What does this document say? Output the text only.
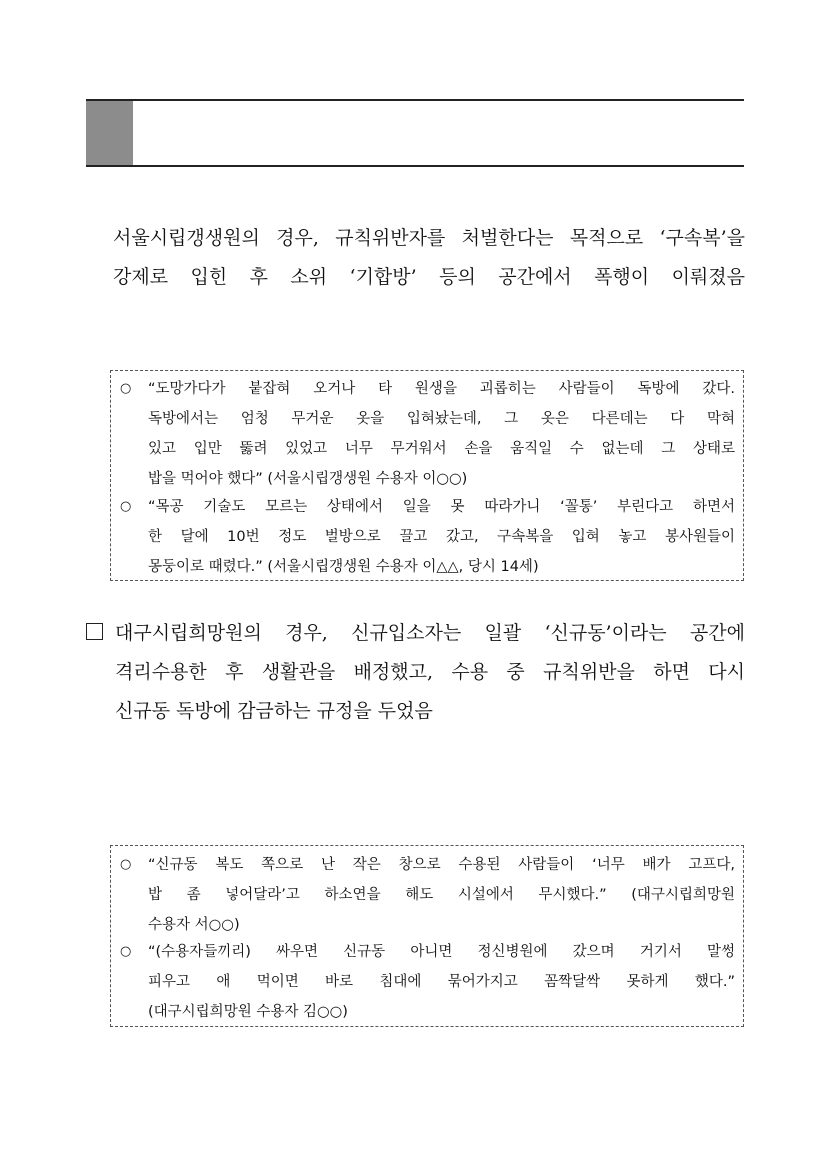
서울시립갱생원의 경우, 규칙위반자를 처벌한다는 목적으로 ‘구속복’을

강제로 입힌 후 소위 ‘기합방’ 등의 공간에서 폭행이 이뤄졌음

○ “도망가다가 붙잡혀 오거나 타 원생을 괴롭히는 사람들이 독방에 갔다.
독방에서는 엄청 무거운 옷을 입혀놨는데, 그 옷은 다른데는 다 막혀
있고 입만 뚫려 있었고 너무 무거워서 손을 움직일 수 없는데 그 상태로
밥을 먹어야 했다” (서울시립갱생원 수용자 이○○)
○ “목공 기술도 모르는 상태에서 일을 못 따라가니 ‘꼴통’ 부린다고 하면서
한 달에 10번 정도 벌방으로 끌고 갔고, 구속복을 입혀 놓고 봉사원들이
몽둥이로 때렸다.” (서울시립갱생원 수용자 이△△, 당시 14세)

대구시립희망원의 경우, 신규입소자는 일괄 ‘신규동’이라는 공간에

격리수용한 후 생활관을 배정했고, 수용 중 규칙위반을 하면 다시

신규동 독방에 감금하는 규정을 두었음

○ “신규동 복도 쪽으로 난 작은 창으로 수용된 사람들이 ‘너무 배가 고프다,
밥 좀 넣어달라’고 하소연을 해도 시설에서 무시했다.” (대구시립희망원
수용자 서○○)
○ “(수용자들끼리) 싸우면 신규동 아니면 정신병원에 갔으며 거기서 말썽
피우고 애 먹이면 바로 침대에 묶어가지고 꼼짝달싹 못하게 했다.”
(대구시립희망원 수용자 김○○)
